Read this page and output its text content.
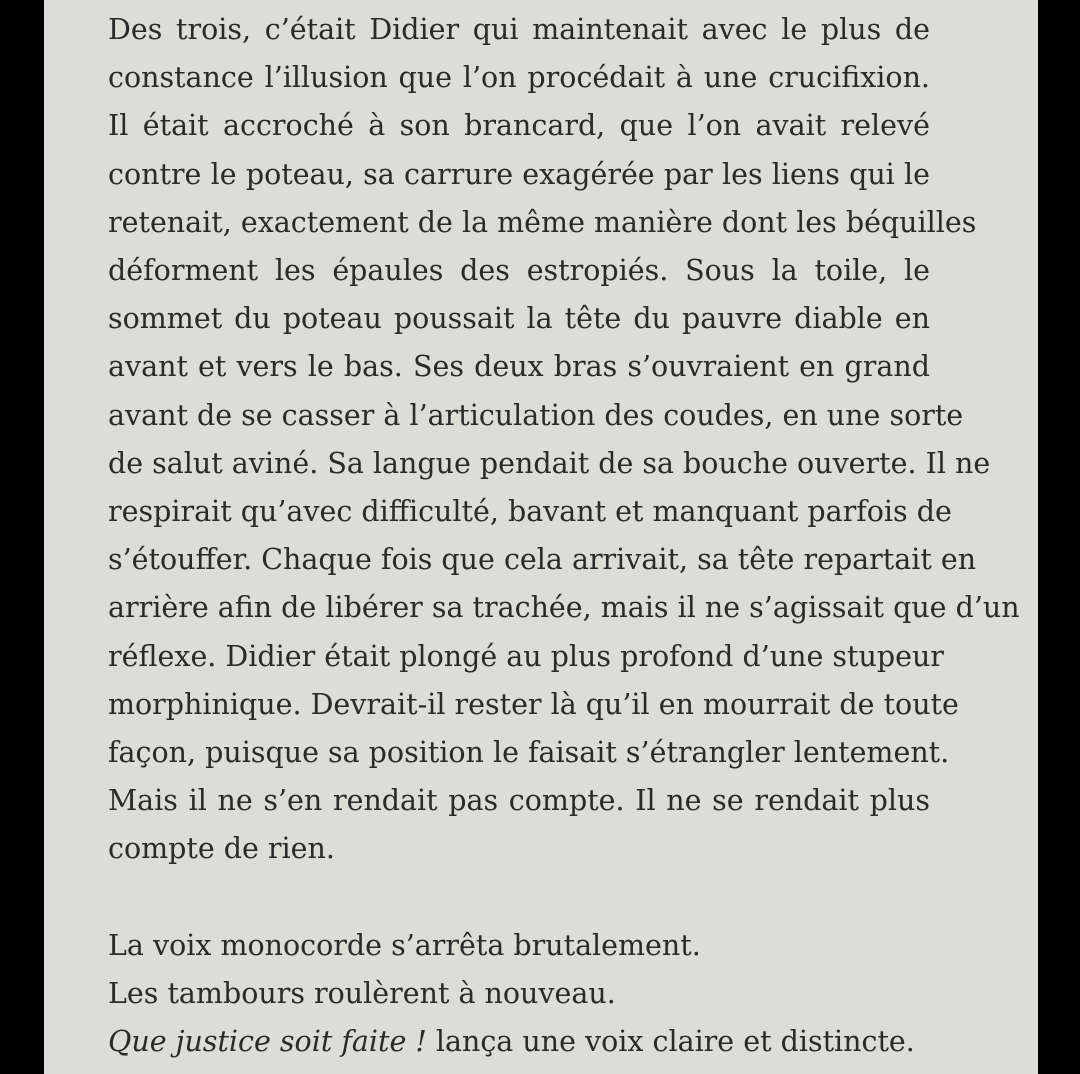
Des trois, c’était Didier qui maintenait avec le plus de
constance l’illusion que l’on procédait à une crucifixion.
Il était accroché à son brancard, que l’on avait relevé
contre le poteau, sa carrure exagérée par les liens qui le
retenait, exactement de la même manière dont les béquilles
déforment les épaules des estropiés. Sous la toile, le
sommet du poteau poussait la tête du pauvre diable en
avant et vers le bas. Ses deux bras s’ouvraient en grand
avant de se casser à l’articulation des coudes, en une sorte
de salut aviné. Sa langue pendait de sa bouche ouverte. Il ne
respirait qu’avec difficulté, bavant et manquant parfois de
s’étouffer. Chaque fois que cela arrivait, sa tête repartait en
arrière afin de libérer sa trachée, mais il ne s’agissait que d’un
réflexe. Didier était plongé au plus profond d’une stupeur
morphinique. Devrait-il rester là qu’il en mourrait de toute
façon, puisque sa position le faisait s’étrangler lentement.
Mais il ne s’en rendait pas compte. Il ne se rendait plus
compte de rien.
La voix monocorde s’arrêta brutalement.
Les tambours roulèrent à nouveau.
Que justice soit faite ! lança une voix claire et distincte.
